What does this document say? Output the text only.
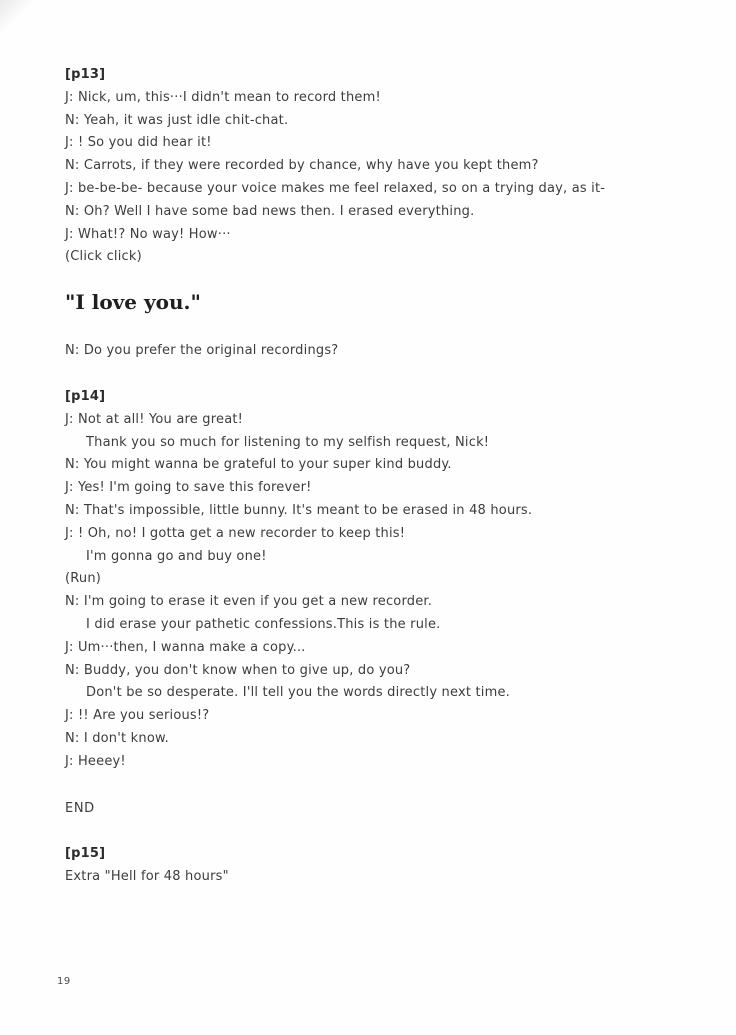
[p13]
J: Nick, um, this···I didn't mean to record them!
N: Yeah, it was just idle chit-chat.
J: ! So you did hear it!
N: Carrots, if they were recorded by chance, why have you kept them?
J: be-be-be- because your voice makes me feel relaxed, so on a trying day, as it-
N: Oh? Well I have some bad news then. I erased everything.
J: What!? No way! How···
(Click click)
"I love you."
N: Do you prefer the original recordings?
[p14]
J: Not at all! You are great!
Thank you so much for listening to my selfish request, Nick!
N: You might wanna be grateful to your super kind buddy.
J: Yes! I'm going to save this forever!
N: That's impossible, little bunny. It's meant to be erased in 48 hours.
J: ! Oh, no! I gotta get a new recorder to keep this!
I'm gonna go and buy one!
(Run)
N: I'm going to erase it even if you get a new recorder.
I did erase your pathetic confessions.This is the rule.
J: Um···then, I wanna make a copy...
N: Buddy, you don't know when to give up, do you?
Don't be so desperate. I'll tell you the words directly next time.
J: !! Are you serious!?
N: I don't know.
J: Heeey!
END
[p15]
Extra "Hell for 48 hours"
19
